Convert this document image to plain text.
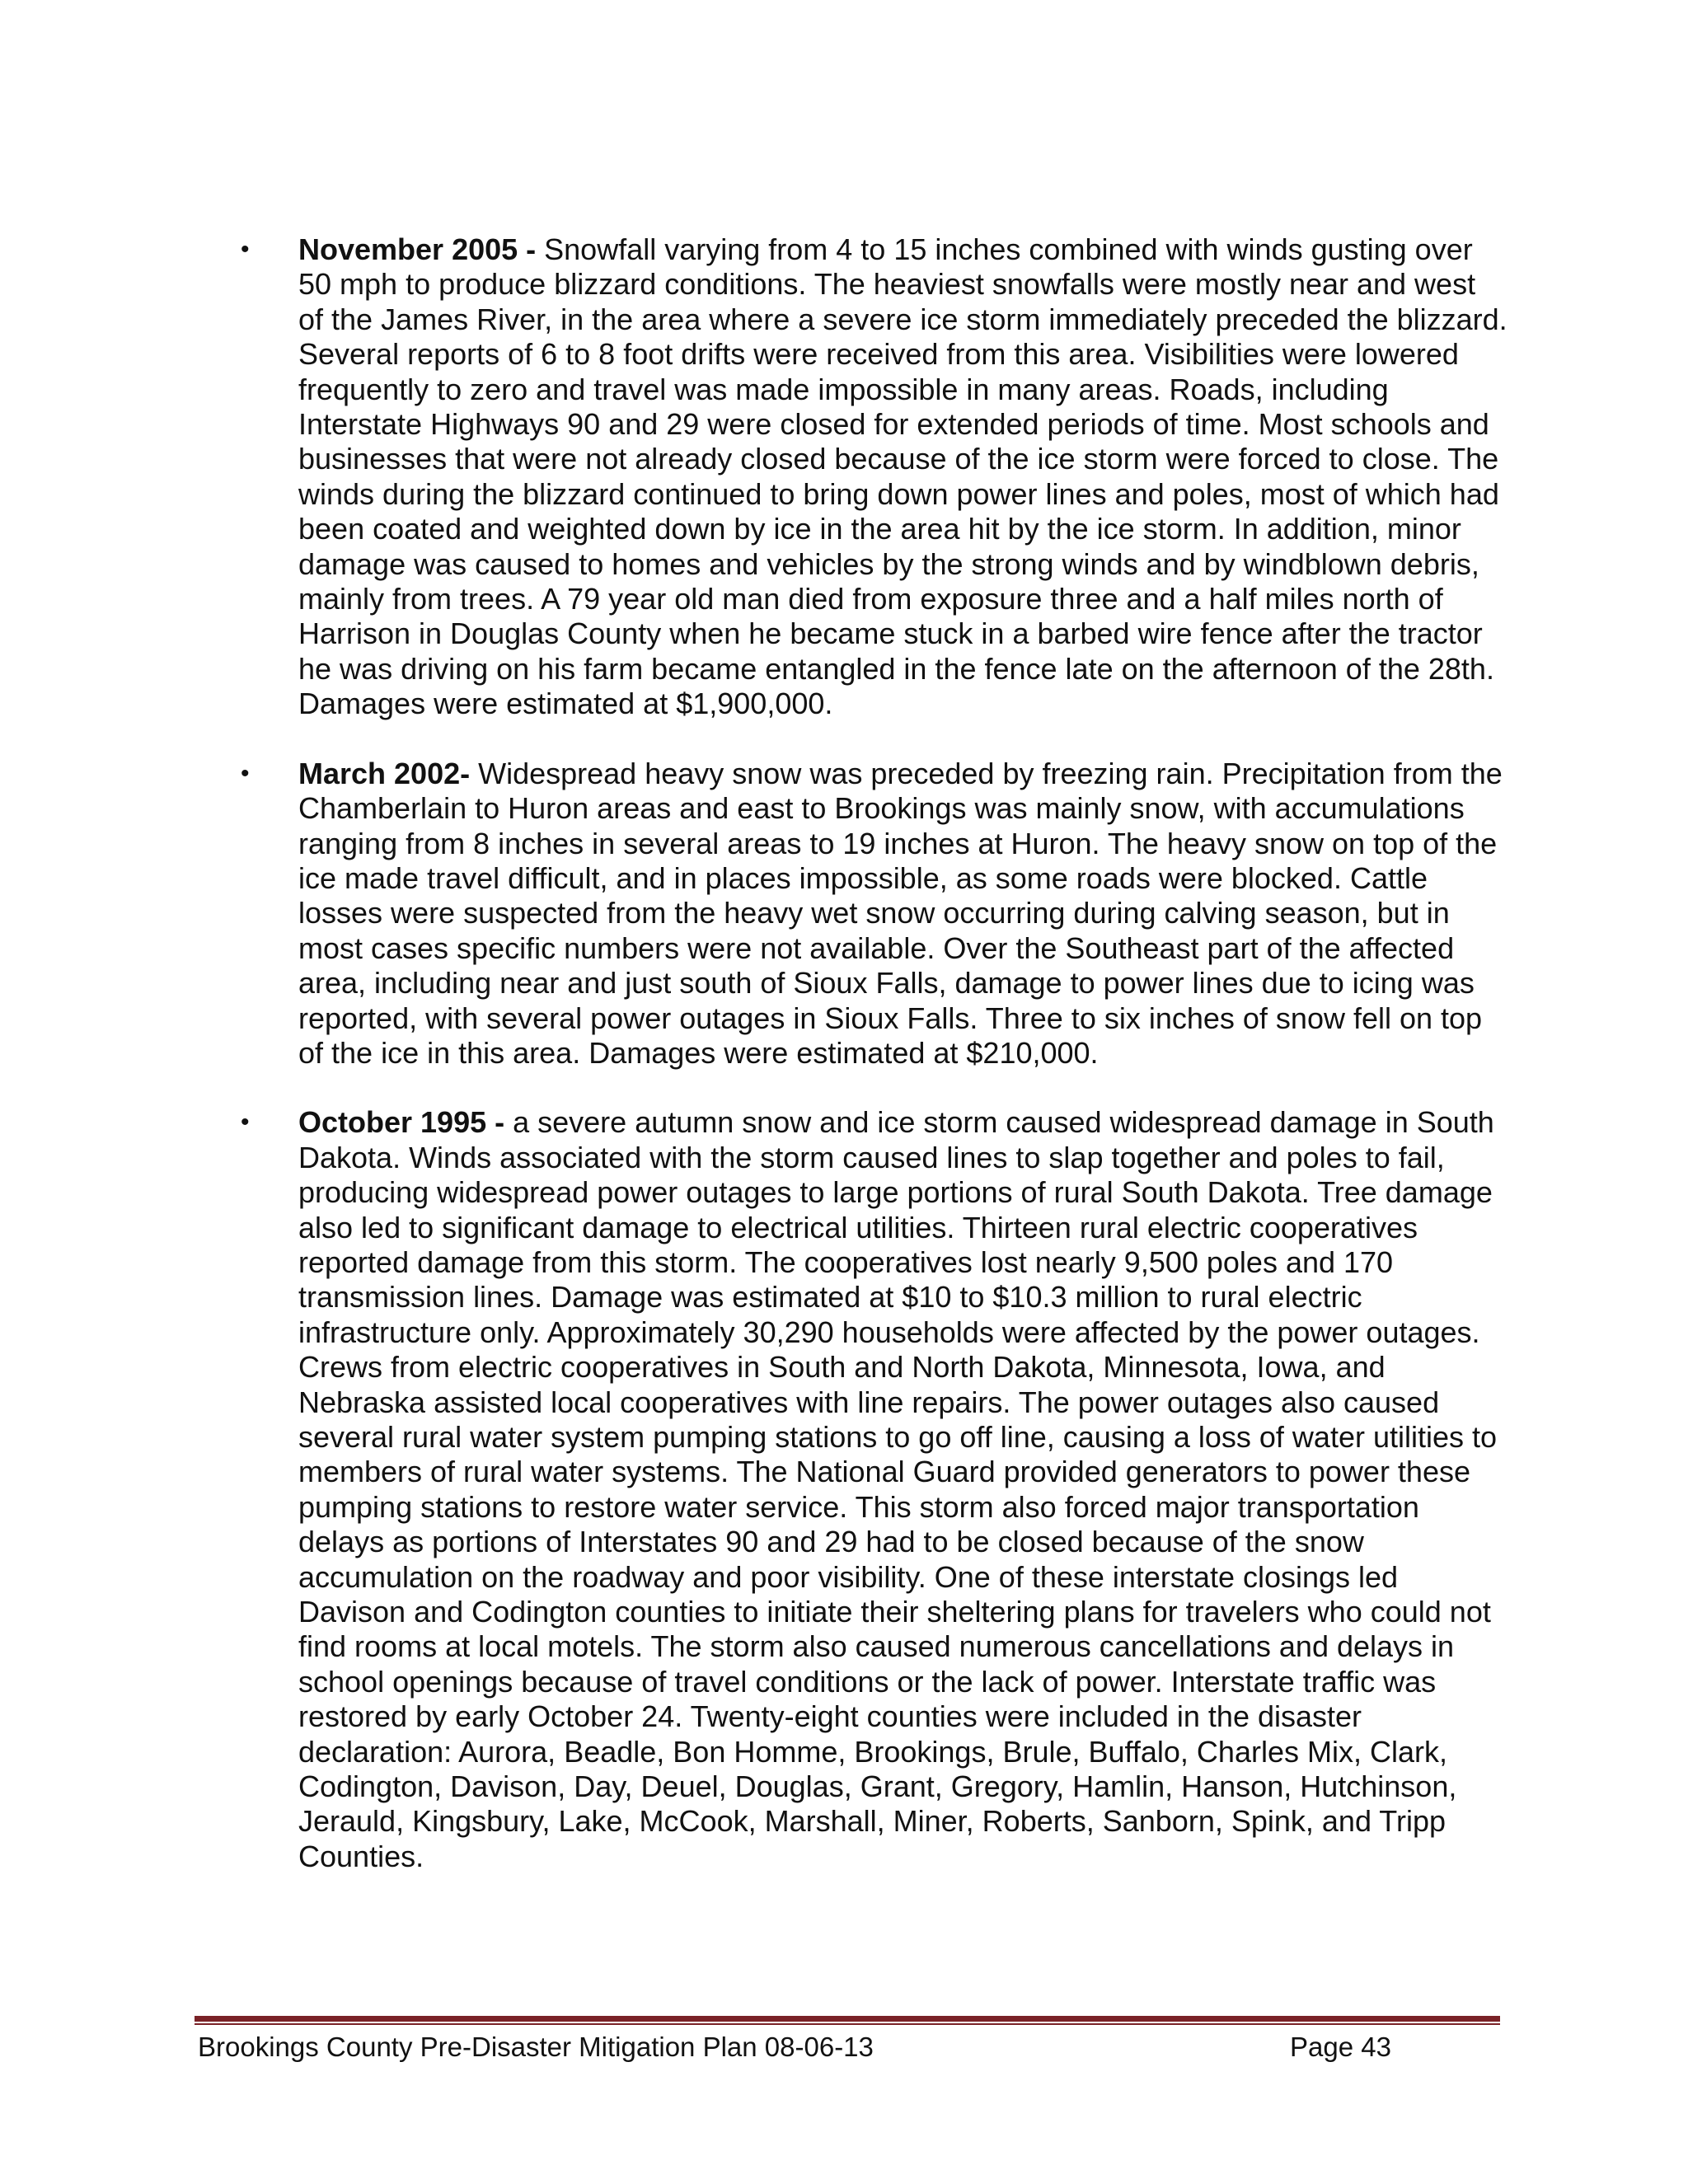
•	November 2005 - Snowfall varying from 4 to 15 inches combined with winds gusting over 50 mph to produce blizzard conditions. The heaviest snowfalls were mostly near and west of the James River, in the area where a severe ice storm immediately preceded the blizzard. Several reports of 6 to 8 foot drifts were received from this area. Visibilities were lowered frequently to zero and travel was made impossible in many areas. Roads, including Interstate Highways 90 and 29 were closed for extended periods of time. Most schools and businesses that were not already closed because of the ice storm were forced to close. The winds during the blizzard continued to bring down power lines and poles, most of which had been coated and weighted down by ice in the area hit by the ice storm. In addition, minor damage was caused to homes and vehicles by the strong winds and by windblown debris, mainly from trees. A 79 year old man died from exposure three and a half miles north of Harrison in Douglas County when he became stuck in a barbed wire fence after the tractor he was driving on his farm became entangled in the fence late on the afternoon of the 28th. Damages were estimated at $1,900,000.
•	March 2002- Widespread heavy snow was preceded by freezing rain. Precipitation from the Chamberlain to Huron areas and east to Brookings was mainly snow, with accumulations ranging from 8 inches in several areas to 19 inches at Huron. The heavy snow on top of the ice made travel difficult, and in places impossible, as some roads were blocked. Cattle losses were suspected from the heavy wet snow occurring during calving season, but in most cases specific numbers were not available. Over the Southeast part of the affected area, including near and just south of Sioux Falls, damage to power lines due to icing was reported, with several power outages in Sioux Falls. Three to six inches of snow fell on top of the ice in this area. Damages were estimated at $210,000.
•	October 1995 - a severe autumn snow and ice storm caused widespread damage in South Dakota. Winds associated with the storm caused lines to slap together and poles to fail, producing widespread power outages to large portions of rural South Dakota. Tree damage also led to significant damage to electrical utilities. Thirteen rural electric cooperatives reported damage from this storm. The cooperatives lost nearly 9,500 poles and 170 transmission lines. Damage was estimated at $10 to $10.3 million to rural electric infrastructure only. Approximately 30,290 households were affected by the power outages. Crews from electric cooperatives in South and North Dakota, Minnesota, Iowa, and Nebraska assisted local cooperatives with line repairs. The power outages also caused several rural water system pumping stations to go off line, causing a loss of water utilities to members of rural water systems. The National Guard provided generators to power these pumping stations to restore water service. This storm also forced major transportation delays as portions of Interstates 90 and 29 had to be closed because of the snow accumulation on the roadway and poor visibility. One of these interstate closings led Davison and Codington counties to initiate their sheltering plans for travelers who could not find rooms at local motels. The storm also caused numerous cancellations and delays in school openings because of travel conditions or the lack of power. Interstate traffic was restored by early October 24. Twenty-eight counties were included in the disaster declaration: Aurora, Beadle, Bon Homme, Brookings, Brule, Buffalo, Charles Mix, Clark, Codington, Davison, Day, Deuel, Douglas, Grant, Gregory, Hamlin, Hanson, Hutchinson, Jerauld, Kingsbury, Lake, McCook, Marshall, Miner, Roberts, Sanborn, Spink, and Tripp Counties.
Brookings County Pre-Disaster Mitigation Plan 08-06-13	Page 43
